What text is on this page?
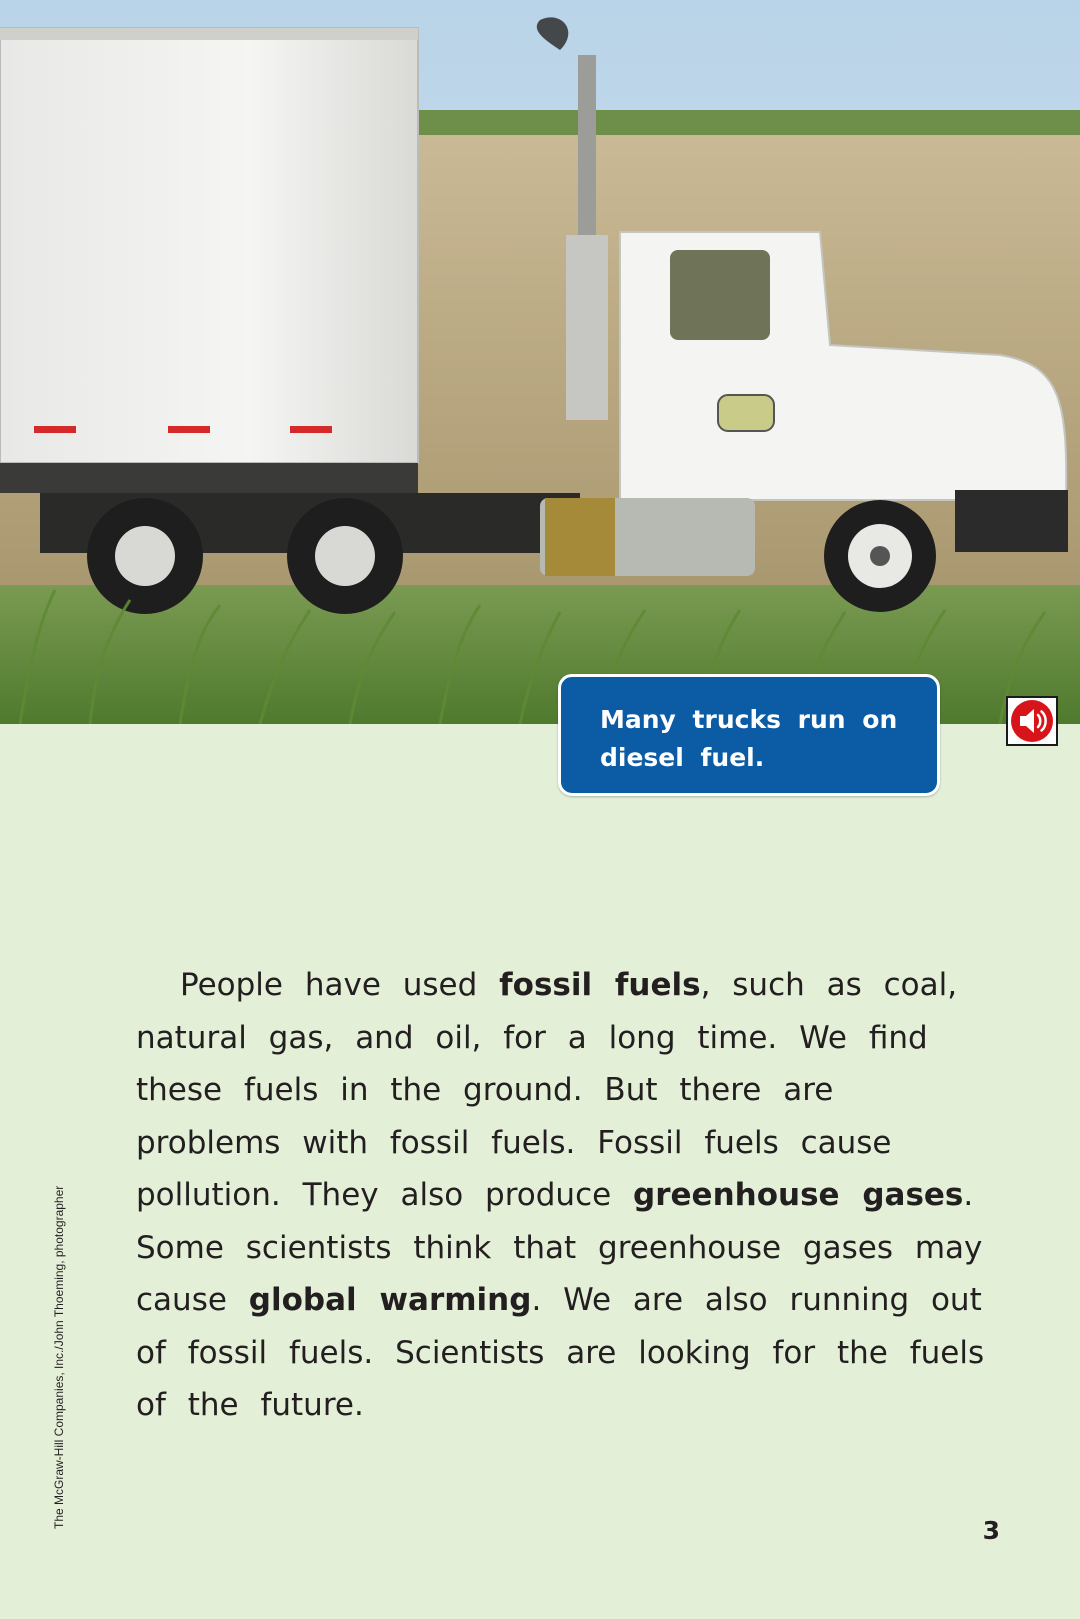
Many trucks run on diesel fuel.

People have used fossil fuels, such as coal, natural gas, and oil, for a long time. We find these fuels in the ground. But there are problems with fossil fuels. Fossil fuels cause pollution. They also produce greenhouse gases. Some scientists think that greenhouse gases may cause global warming. We are also running out of fossil fuels. Scientists are looking for the fuels of the future.

The McGraw-Hill Companies, Inc./John Thoeming, photographer
3
